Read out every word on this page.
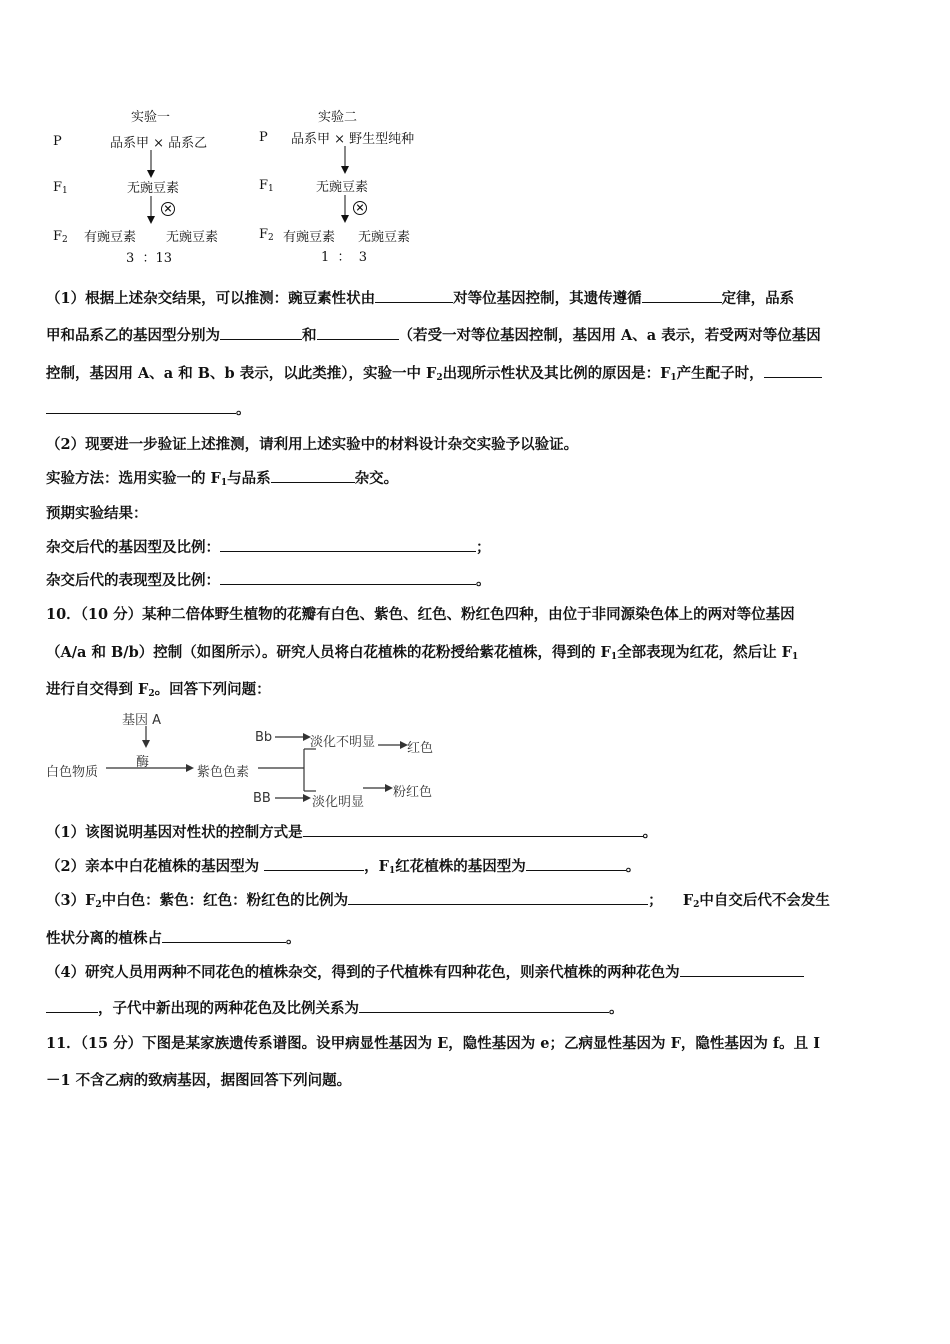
实验一
P	品系甲 × 品系乙
$F_1$	无豌豆素
×
$F_2$ 有豌豆素 无豌豆素
3  ：13
实验二
P 品系甲 × 野生型纯种
$F_1$	无豌豆素
×
$F_2$ 有豌豆素 无豌豆素
1  ：  3
（1）根据上述杂交结果，可以推测：豌豆素性状由	对等位基因控制，其遗传遵循	定律，品系
甲和品系乙的基因型分别为	和	（若受一对等位基因控制，基因用 A、a 表示，若受两对等位基因
控制，基因用 A、a 和 B、b 表示，以此类推），实验一中 $F_2$出现所示性状及其比例的原因是：$F_1$产生配子时，
。
（2）现要进一步验证上述推测，请利用上述实验中的材料设计杂交实验予以验证。
实验方法：选用实验一的 $F_1$与品系	杂交。
预期实验结果：
杂交后代的基因型及比例：	；
杂交后代的表现型及比例：	。
10．（10 分）某种二倍体野生植物的花瓣有白色、紫色、红色、粉红色四种，由位于非同源染色体上的两对等位基因
（A/a 和 B/b）控制（如图所示）。研究人员将白花植株的花粉授给紫花植株，得到的 $F_1$全部表现为红花，然后让 $F_1$
进行自交得到 $F_2$。回答下列问题：
基因 A
酶
白色物质	紫色色素
Bb	淡化不明显 红色
BB	淡化明显
粉红色
（1）该图说明基因对性状的控制方式是	。
（2）亲本中白花植株的基因型为	，$F_1$红花植株的基因型为	。
$(3)F_2$中白色：紫色：红色：粉红色的比例为	；    $F_2$中自交后代不会发生
性状分离的植株占	。
（4）研究人员用两种不同花色的植株杂交，得到的子代植株有四种花色，则亲代植株的两种花色为
，子代中新出现的两种花色及比例关系为	。
11．（15 分）下图是某家族遗传系谱图。设甲病显性基因为 E，隐性基因为 e；乙病显性基因为 F，隐性基因为 f。且 Ⅰ
－1 不含乙病的致病基因，据图回答下列问题。
